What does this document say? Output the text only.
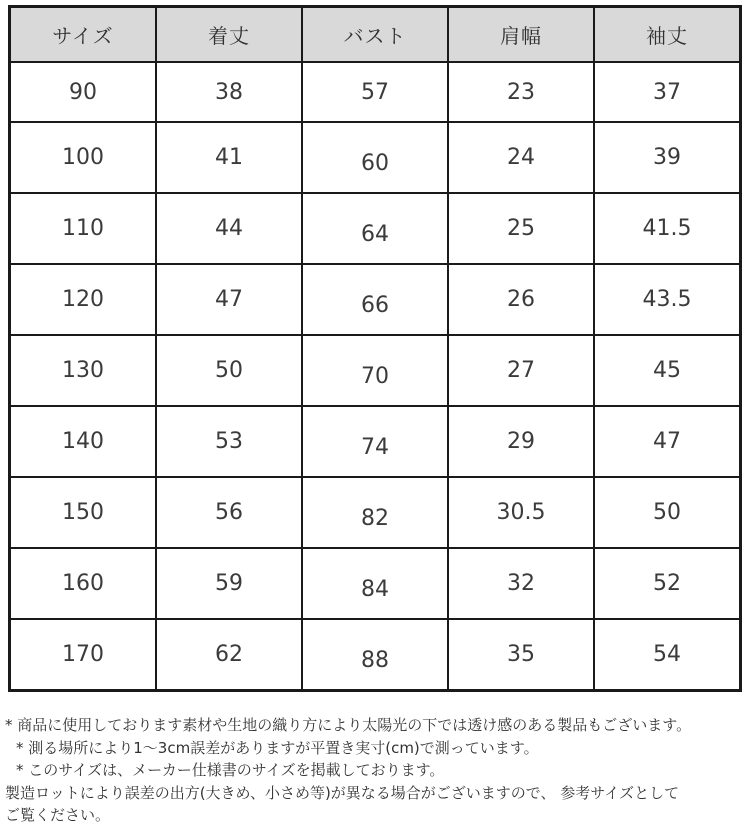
サイズ	着丈	バスト	肩幅	袖丈
90	38	57	23	37
100	41	60	24	39
110	44	64	25	41.5
120	47	66	26	43.5
130	50	70	27	45
140	53	74	29	47
150	56	82	30.5	50
160	59	84	32	52
170	62	88	35	54
* 商品に使用しております素材や生地の織り方により太陽光の下では透け感のある製品もございます。
* 測る場所により1〜3cm誤差がありますが平置き実寸(cm)で測っています。
* このサイズは、メーカー仕様書のサイズを掲載しております。
製造ロットにより誤差の出方(大きめ、小さめ等)が異なる場合がございますので、 参考サイズとして
ご覧ください。
